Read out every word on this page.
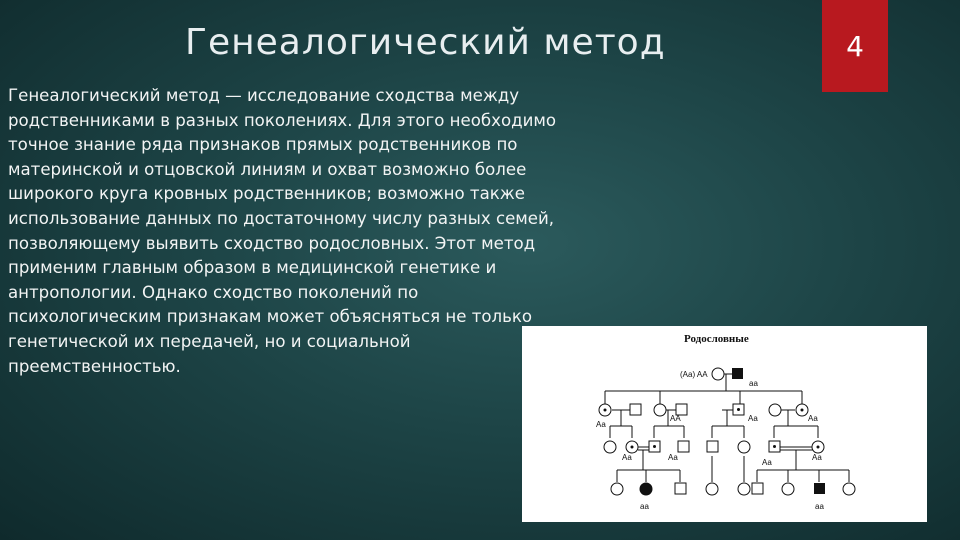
Генеалогический метод	4
Генеалогический метод — исследование сходства между
родственниками в разных поколениях. Для этого необходимо
точное знание ряда признаков прямых родственников по
материнской и отцовской линиям и охват возможно более
широкого круга кровных родственников; возможно также
использование данных по достаточному числу разных семей,
позволяющему выявить сходство родословных. Этот метод
применим главным образом в медицинской генетике и
антропологии. Однако сходство поколений по
психологическим признакам может объясняться не только
генетической их передачей, но и социальной
преемственностью.
Родословные
(Aa) AA
aa
Aa
AA	Aa	Aa
Aa	Aa
Aa
Aa
aa	aa
